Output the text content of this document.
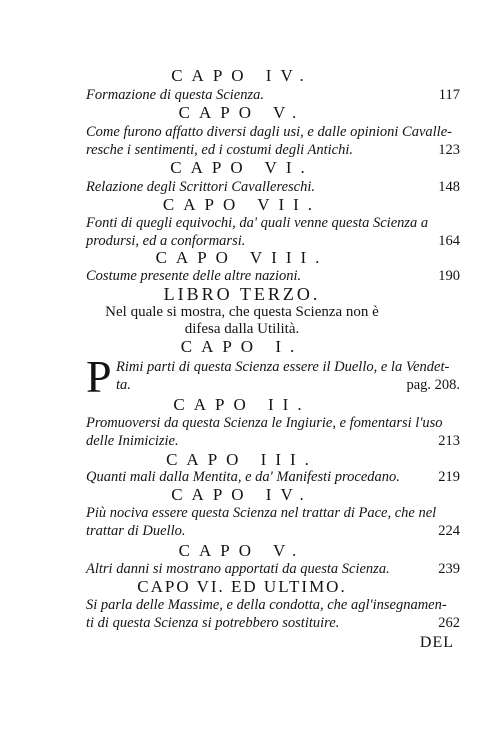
CAPO IV.
Formazione di questa Scienza.	117
CAPO V.
Come furono affatto diversi dagli usi, e dalle opinioni Cavalle-
resche i sentimenti, ed i costumi degli Antichi.	123
CAPO VI.
Relazione degli Scrittori Cavallereschi.	148
CAPO VII.
Fonti di quegli equivochi, da' quali venne questa Scienza a
prodursi, ed a conformarsi.	164
CAPO VIII.
Costume presente delle altre nazioni.	190
LIBRO TERZO.
Nel quale si mostra, che questa Scienza non è
difesa dalla Utilità.
CAPO I.
P Rimi parti di questa Scienza essere il Duello, e la Vendet-
ta.	pag. 208.
CAPO II.
Promuoversi da questa Scienza le Ingiurie, e fomentarsi l'uso
delle Inimicizie.	213
CAPO III.
Quanti mali dalla Mentita, e da' Manifesti procedano.	219
CAPO IV.
Più nociva essere questa Scienza nel trattar di Pace, che nel
trattar di Duello.	224
CAPO V.
Altri danni si mostrano apportati da questa Scienza.	239
CAPO VI. ED ULTIMO.
Si parla delle Massime, e della condotta, che agl'insegnamen-
ti di questa Scienza si potrebbero sostituire.	262
DEL
